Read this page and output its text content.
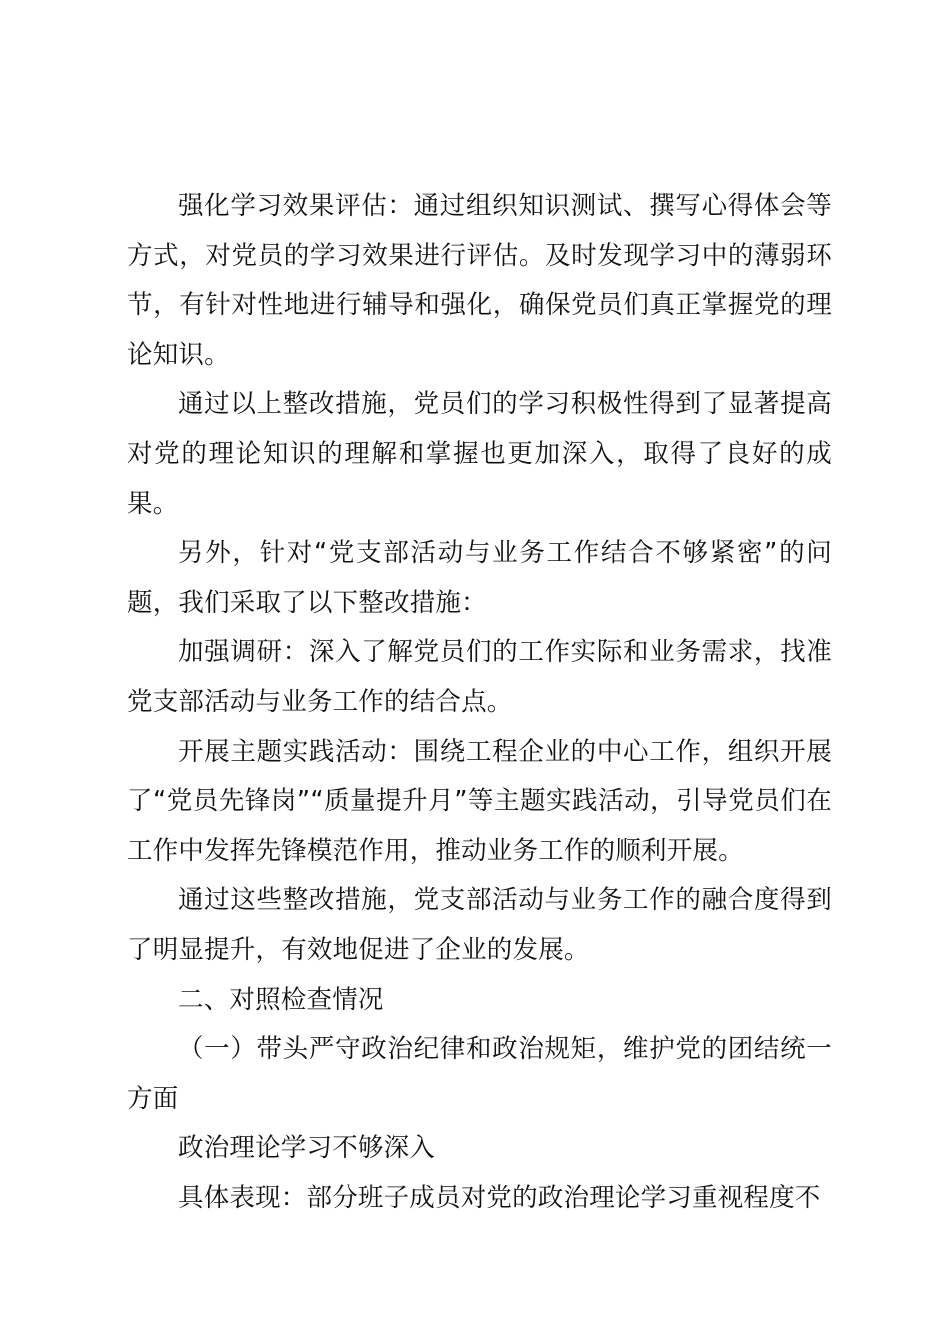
强化学习效果评估：通过组织知识测试、撰写心得体会等方式，对党员的学习效果进行评估。及时发现学习中的薄弱环节，有针对性地进行辅导和强化，确保党员们真正掌握党的理论知识。

通过以上整改措施，党员们的学习积极性得到了显著提高对党的理论知识的理解和掌握也更加深入，取得了良好的成果。

另外，针对“党支部活动与业务工作结合不够紧密”的问题，我们采取了以下整改措施：

加强调研：深入了解党员们的工作实际和业务需求，找准党支部活动与业务工作的结合点。

开展主题实践活动：围绕工程企业的中心工作，组织开展了“党员先锋岗”“质量提升月”等主题实践活动，引导党员们在工作中发挥先锋模范作用，推动业务工作的顺利开展。

通过这些整改措施，党支部活动与业务工作的融合度得到了明显提升，有效地促进了企业的发展。

二、对照检查情况

（一）带头严守政治纪律和政治规矩，维护党的团结统一方面

政治理论学习不够深入

具体表现：部分班子成员对党的政治理论学习重视程度不
